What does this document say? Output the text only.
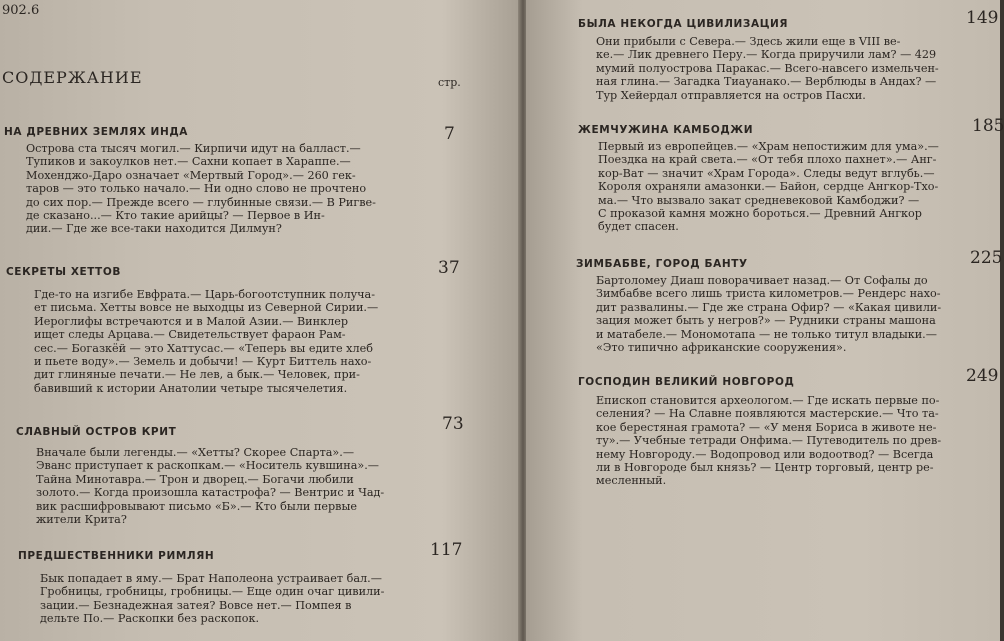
902.6
СОДЕРЖАНИЕ	стр.
НА ДРЕВНИХ ЗЕМЛЯХ ИНДА	7
Острова ста тысяч могил.— Кирпичи идут на балласт.—
Тупиков и закоулков нет.— Сахни копает в Хараппе.—
Мохенджо-Даро означает «Мертвый Город».— 260 гек-
таров — это только начало.— Ни одно слово не прочтено
до сих пор.— Прежде всего — глубинные связи.— В Ригве-
де сказано...— Кто такие арийцы? — Первое в Ин-
дии.— Где же все-таки находится Дилмун?
СЕКРЕТЫ ХЕТТОВ	37
Где-то на изгибе Евфрата.— Царь-богоотступник получа-
ет письма. Хетты вовсе не выходцы из Северной Сирии.—
Иероглифы встречаются и в Малой Азии.— Винклер
ищет следы Арцава.— Свидетельствует фараон Рам-
сес.— Богазкёй — это Хаттусас.— «Теперь вы едите хлеб
и пьете воду».— Земель и добычи! — Курт Биттель нахо-
дит глиняные печати.— Не лев, а бык.— Человек, при-
бавивший к истории Анатолии четыре тысячелетия.
СЛАВНЫЙ ОСТРОВ КРИТ	73
Вначале были легенды.— «Хетты? Скорее Спарта».—
Эванс приступает к раскопкам.— «Носитель кувшина».—
Тайна Минотавра.— Трон и дворец.— Богачи любили
золото.— Когда произошла катастрофа? — Вентрис и Чад-
вик расшифровывают письмо «Б».— Кто были первые
жители Крита?
ПРЕДШЕСТВЕННИКИ РИМЛЯН	117
Бык попадает в яму.— Брат Наполеона устраивает бал.—
Гробницы, гробницы, гробницы.— Еще один очаг цивили-
зации.— Безнадежная затея? Вовсе нет.— Помпея в
дельте По.— Раскопки без раскопок.
БЫЛА НЕКОГДА ЦИВИЛИЗАЦИЯ	149
Они прибыли с Севера.— Здесь жили еще в VIII ве-
ке.— Лик древнего Перу.— Когда приручили лам? — 429
мумий полуострова Паракас.— Всего-навсего измельчен-
ная глина.— Загадка Тиауанако.— Верблюды в Андах? —
Тур Хейердал отправляется на остров Пасхи.
ЖЕМЧУЖИНА КАМБОДЖИ	185
Первый из европейцев.— «Храм непостижим для ума».—
Поездка на край света.— «От тебя плохо пахнет».— Анг-
кор-Ват — значит «Храм Города». Следы ведут вглубь.—
Короля охраняли амазонки.— Байон, сердце Ангкор-Тхо-
ма.— Что вызвало закат средневековой Камбоджи? —
С проказой камня можно бороться.— Древний Ангкор
будет спасен.
ЗИМБАБВЕ, ГОРОД БАНТУ	225
Бартоломеу Диаш поворачивает назад.— От Софалы до
Зимбабве всего лишь триста километров.— Рендерс нахо-
дит развалины.— Где же страна Офир? — «Какая цивили-
зация может быть у негров?» — Рудники страны машона
и матабеле.— Мономотапа — не только титул владыки.—
«Это типично африканские сооружения».
ГОСПОДИН ВЕЛИКИЙ НОВГОРОД	249
Епископ становится археологом.— Где искать первые по-
селения? — На Славне появляются мастерские.— Что та-
кое берестяная грамота? — «У меня Бориса в животе не-
ту».— Учебные тетради Онфима.— Путеводитель по древ-
нему Новгороду.— Водопровод или водоотвод? — Всегда
ли в Новгороде был князь? — Центр торговый, центр ре-
месленный.
